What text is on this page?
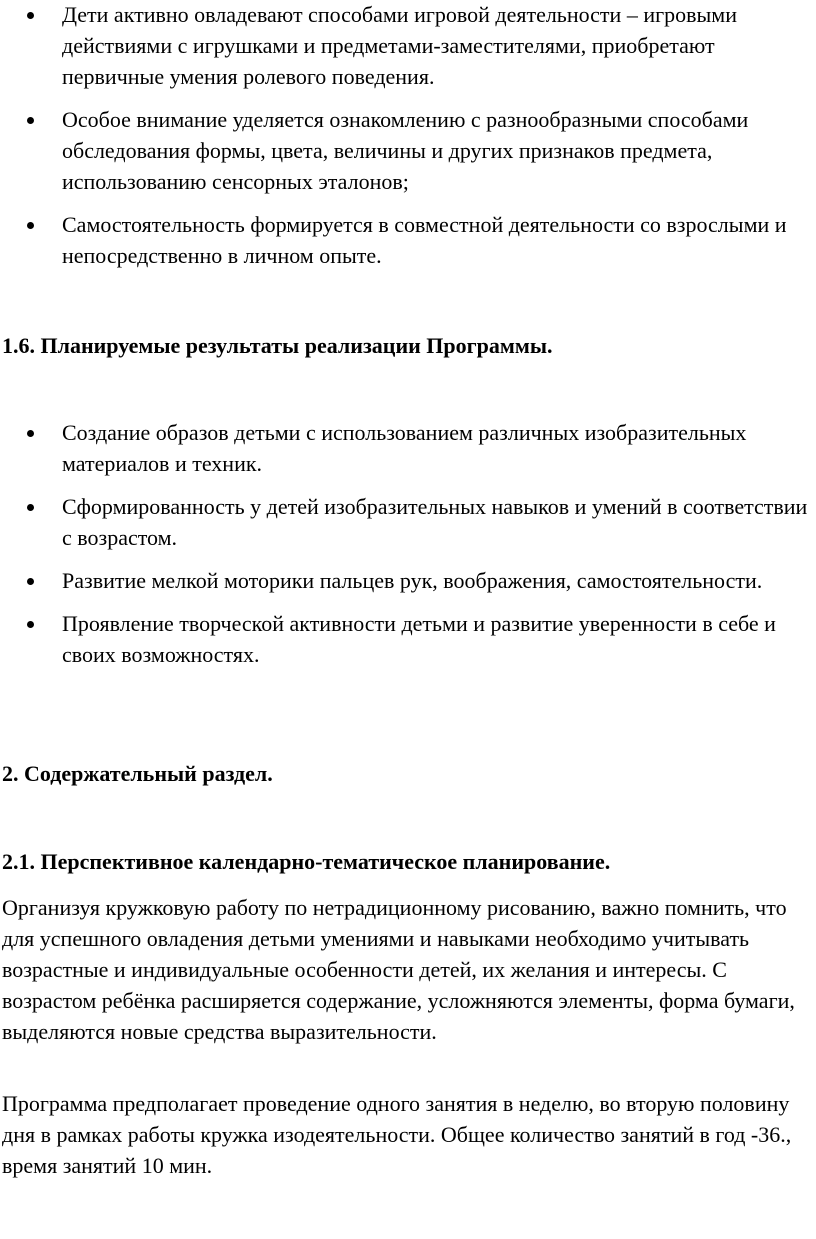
Дети активно овладевают способами игровой деятельности – игровыми действиями с игрушками и предметами-заместителями, приобретают первичные умения ролевого поведения.
Особое внимание уделяется ознакомлению с разнообразными способами обследования формы, цвета, величины и других признаков предмета, использованию сенсорных эталонов;
Самостоятельность формируется в совместной деятельности со взрослыми и непосредственно в личном опыте.
1.6. Планируемые результаты реализации Программы.
Создание образов детьми с использованием различных изобразительных материалов и техник.
Сформированность у детей изобразительных навыков и умений в соответствии с возрастом.
Развитие мелкой моторики пальцев рук, воображения, самостоятельности.
Проявление творческой активности детьми и развитие уверенности в себе и своих возможностях.
2. Содержательный раздел.
2.1. Перспективное календарно-тематическое планирование.

Организуя кружковую работу по нетрадиционному рисованию, важно помнить, что для успешного овладения детьми умениями и навыками необходимо учитывать возрастные и индивидуальные особенности детей, их желания и интересы. С возрастом ребёнка расширяется содержание, усложняются элементы, форма бумаги, выделяются новые средства выразительности.

Программа предполагает проведение одного занятия в неделю, во вторую половину дня в рамках работы кружка изодеятельности. Общее количество занятий в год -36., время занятий 10 мин.
